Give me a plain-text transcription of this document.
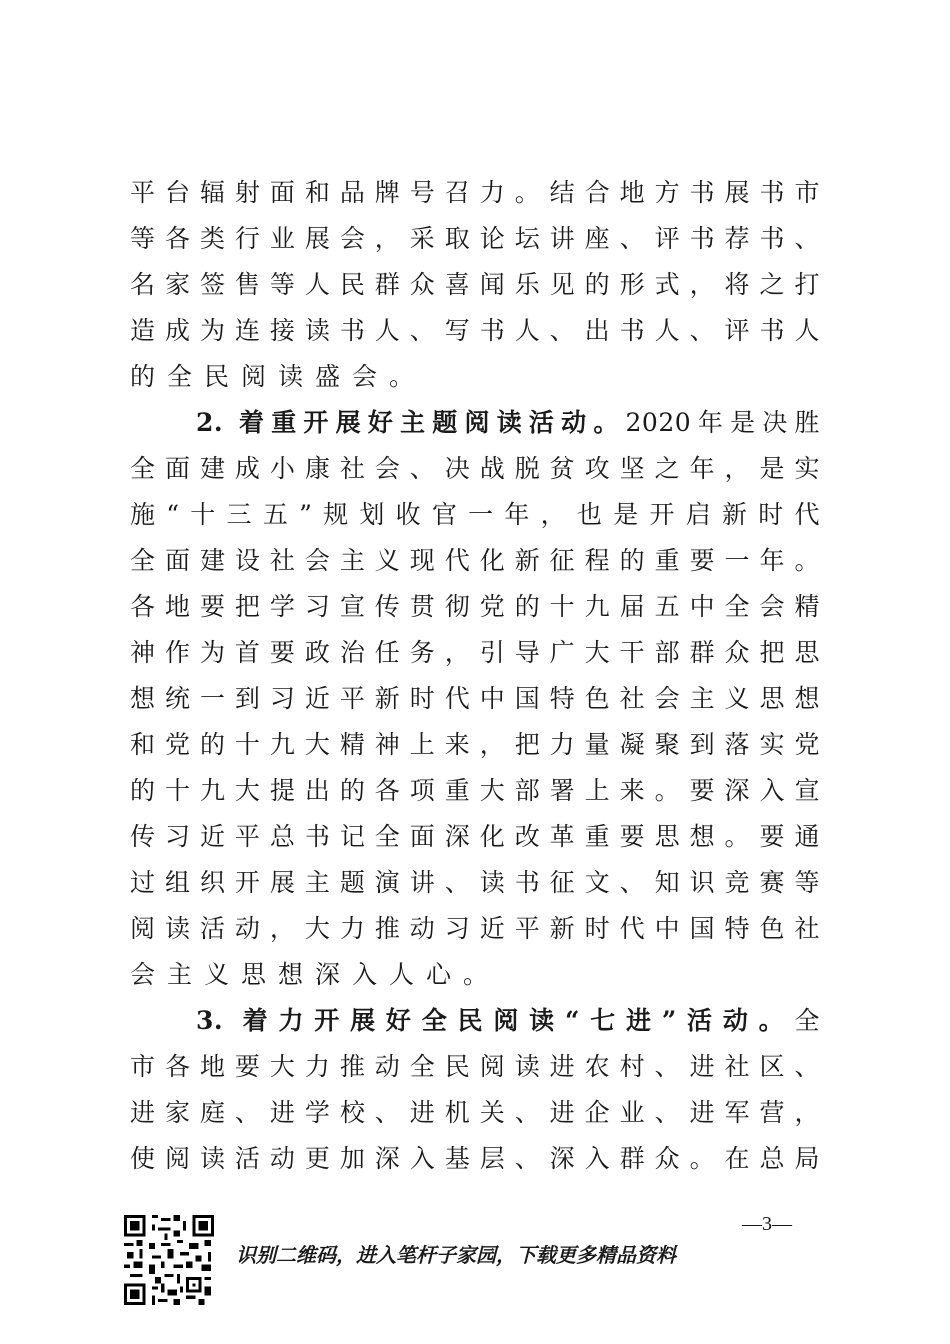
平台辐射面和品牌号召力。结合地方书展书市
等各类行业展会，采取论坛讲座、评书荐书、
名家签售等人民群众喜闻乐见的形式，将之打
造成为连接读书人、写书人、出书人、评书人
的全民阅读盛会。
2. 着重开展好主题阅读活动。2020年是决胜
全面建成小康社会、决战脱贫攻坚之年，是实
施“十三五”规划收官一年，也是开启新时代
全面建设社会主义现代化新征程的重要一年。
各地要把学习宣传贯彻党的十九届五中全会精
神作为首要政治任务，引导广大干部群众把思
想统一到习近平新时代中国特色社会主义思想
和党的十九大精神上来，把力量凝聚到落实党
的十九大提出的各项重大部署上来。要深入宣
传习近平总书记全面深化改革重要思想。要通
过组织开展主题演讲、读书征文、知识竞赛等
阅读活动，大力推动习近平新时代中国特色社
会主义思想深入人心。
3. 着力开展好全民阅读“七进”活动。全
市各地要大力推动全民阅读进农村、进社区、
进家庭、进学校、进机关、进企业、进军营，
使阅读活动更加深入基层、深入群众。在总局
识别二维码，进入笔杆子家园，下载更多精品资料
—3—
